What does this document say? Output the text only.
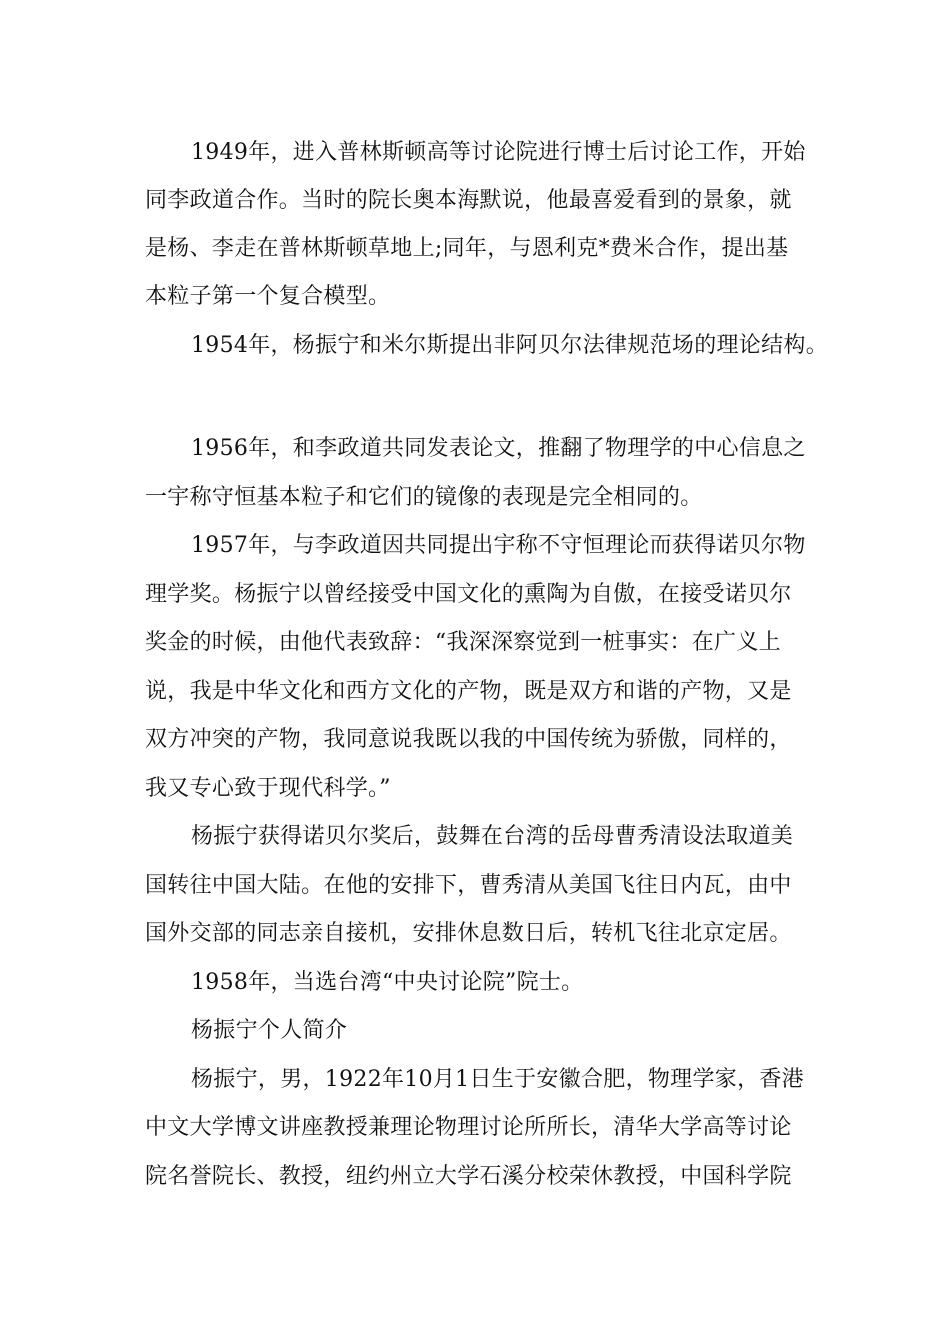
1949年，进入普林斯顿高等讨论院进行博士后讨论工作，开始

同李政道合作。当时的院长奥本海默说，他最喜爱看到的景象，就

是杨、李走在普林斯顿草地上;同年，与恩利克*费米合作，提出基

本粒子第一个复合模型。

1954年，杨振宁和米尔斯提出非阿贝尔法律规范场的理论结构。

1956年，和李政道共同发表论文，推翻了物理学的中心信息之

一宇称守恒基本粒子和它们的镜像的表现是完全相同的。

1957年，与李政道因共同提出宇称不守恒理论而获得诺贝尔物

理学奖。杨振宁以曾经接受中国文化的熏陶为自傲，在接受诺贝尔

奖金的时候，由他代表致辞：“我深深察觉到一桩事实：在广义上

说，我是中华文化和西方文化的产物，既是双方和谐的产物，又是

双方冲突的产物，我同意说我既以我的中国传统为骄傲，同样的，

我又专心致于现代科学。”

杨振宁获得诺贝尔奖后，鼓舞在台湾的岳母曹秀清设法取道美

国转往中国大陆。在他的安排下，曹秀清从美国飞往日内瓦，由中

国外交部的同志亲自接机，安排休息数日后，转机飞往北京定居。

1958年，当选台湾“中央讨论院”院士。

杨振宁个人简介

杨振宁，男，1922年10月1日生于安徽合肥，物理学家，香港

中文大学博文讲座教授兼理论物理讨论所所长，清华大学高等讨论

院名誉院长、教授，纽约州立大学石溪分校荣休教授，中国科学院
